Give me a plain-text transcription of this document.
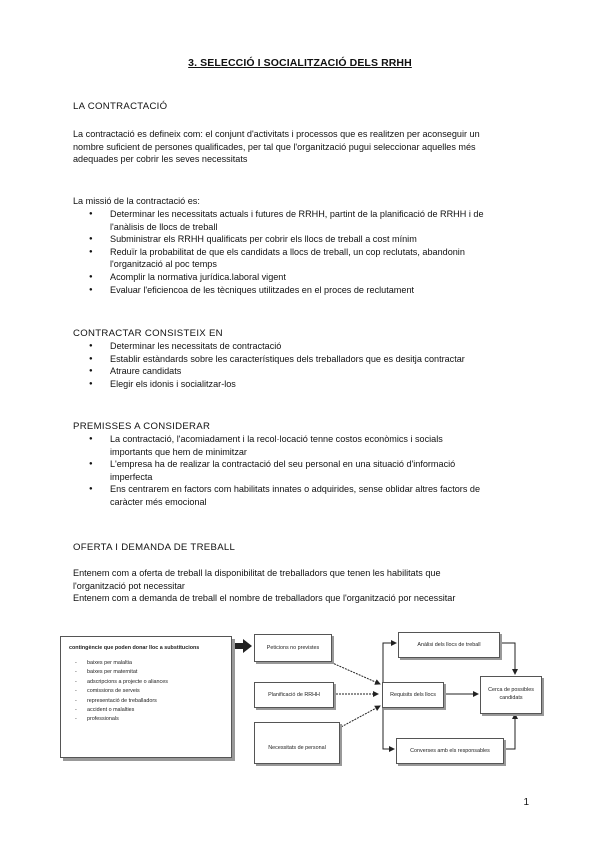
3. SELECCIÓ I SOCIALITZACIÓ DELS RRHH
LA CONTRACTACIÓ

La contractació es defineix com: el conjunt d'activitats i processos que es realitzen per aconseguir un

nombre suficient de persones qualificades, per tal que l'organització pugui seleccionar aquelles més

adequades per cobrir les seves necessitats

La missió de la contractació es:

● Determinar les necessitats actuals i futures de RRHH, partint de la planificació de RRHH i de
l'anàlisis de llocs de treball
● Subministrar els RRHH qualificats per cobrir els llocs de treball a cost mínim
● Reduïr la probabilitat de que els candidats a llocs de treball, un cop reclutats, abandonin
l'organització al poc temps
● Acomplir la normativa jurídica.laboral vigent
● Evaluar l'eficiencoa de les tècniques utilitzades en el proces de reclutament
CONTRACTAR CONSISTEIX EN
● Determinar les necessitats de contractació
● Establir estàndards sobre les característiques dels treballadors que es desitja contractar
● Atraure candidats
● Elegir els idonis i socialitzar-los
PREMISSES A CONSIDERAR
● La contractació, l'acomiadament i la recol·locació tenne costos econòmics i socials
importants que hem de minimitzar
● L'empresa ha de realizar la contractació del seu personal en una situació d'informació
imperfecta
● Ens centrarem en factors com habilitats innates o adquirides, sense oblidar altres factors de
caràcter més emocional
OFERTA I DEMANDA DE TREBALL

Entenem com a oferta de treball la disponibilitat de treballadors que tenen les habilitats que

l'organització pot necessitar

Entenem com a demanda de treball el nombre de treballadors que l'organització por necessitar

contingèncie que poden donar lloc a substitucions
- baixes per malaltia
- baixes per maternitat
- adscripcions a projecte o aliances
- comissions de serveis
- representació de treballadors
- accident o malalties
- professionals
Peticions no previstes
Planificació de RRHH
Necessitats de personal
Requisits dels llocs
Anàlisi dels llocs de treball
Cerca de possibles
candidats
Converses amb els responsables
1
